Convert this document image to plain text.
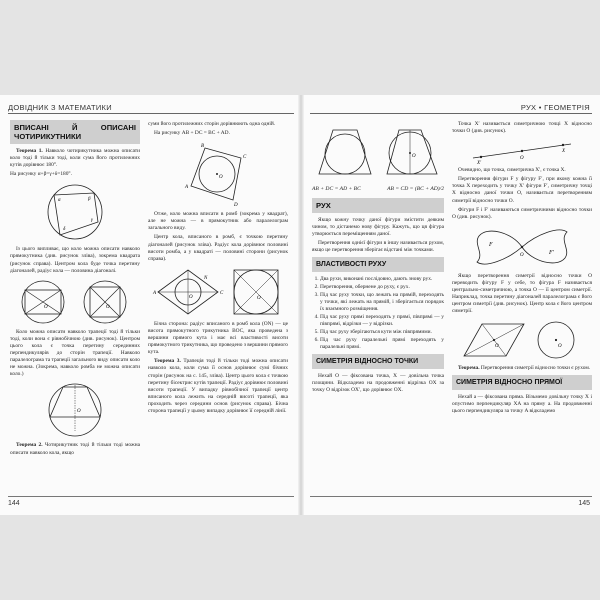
ДОВІДНИК З МАТЕМАТИКИ	РУХ • ГЕОМЕТРІЯ
ВПИСАНІ Й ОПИСАНІ ЧОТИРИКУТНИКИ

Теорема 1. Навколо чотирикутника можна описати коло тоді й тільки тоді, коли сума його протилежних кутів дорівнює 180°.

На рисунку α+β=γ+δ=180°.

α	β
γ
δ

Із цього випливає, що коло можна описати навколо прямокутника (див. рисунок зліва), зокрема квадрата (рисунок справа). Центром кола буде точка перетину діагоналей, радіус кола — половина діагоналі.

O	O

Коло можна описати навколо трапеції тоді й тільки тоді, коли вона є рівнобічною (див. рисунок). Центром цього кола є точка перетину серединних перпендикулярів до сторін трапеції. Навколо паралелограма та трапеції загального виду описати коло не можна. (Зокрема, навколо ромба не можна описати коло.)

O

Теорема 2. Чотирикутник тоді й тільки тоді можна описати навколо кола, якщо

суми його протилежних сторін дорівнюють одна одній.

На рисунку AB + DC = BC + AD.

O
B
C
D
A

Отже, коло можна вписати в ромб (зокрема у квадрат), але не можна — в прямокутник або паралелограм загального виду.

Центр кола, вписаного в ромб, є точкою перетину діагоналей (рисунок зліва). Радіус кола дорівнює половині висоти ромба, а у квадраті — половині сторони (рисунок справа).

O
A	C
N
O

Бічна сторона: радіус вписаного в ромб кола (ON) — це висота прямокутного трикутника BOC, яка проведена з вершини прямого кута і має всі властивості висоти прямокутного трикутника, що проведено з вершини прямого кута.

Теорема 3. Трапеція тоді й тільки тоді можна описати навколо кола, коли сума її основ дорівнює сумі бічних сторін (рисунок на с. 145, зліва). Центр цього кола є точкою перетину бісектрис кутів трапеції. Радіус дорівнює половині висоти трапеції. У випадку рівнобічної трапеції центр вписаного кола лежить на середній висоті трапеції, яка проходить через середини основ (рисунок справа). Бічна сторона трапеції у цьому випадку дорівнює її середній лінії.

O
AB + DC = AD + BC	AB = CD = (BC + AD)/2
РУХ

Якщо кожну точку даної фігури змістити деяким чином, то дістанемо нову фігуру. Кажуть, що ця фігура утворюється переміщенням даної.

Перетворення однієї фігури в іншу називається рухом, якщо це перетворення зберігає відстані між точками.

ВЛАСТИВОСТІ РУХУ
1. Два рухи, виконані послідовно, дають знову рух.
2. Перетворення, обернене до руху, є рух.
3. Під час руху точки, що лежать на прямій, переходять у точки, які лежать на прямій, і зберігається порядок їх взаємного розміщення.
4. Під час руху прямі переходять у прямі, півпрямі — у півпрямі, відрізки — у відрізки.
5. Під час руху зберігаються кути між півпрямими.
6. Під час руху паралельні прямі переходять у паралельні прямі.
СИМЕТРІЯ ВІДНОСНО ТОЧКИ

Нехай O — фіксована точка, X — довільна точка площини. Відкладемо на продовженні відрізка OX за точку O відрізок OX′, що дорівнює OX.

Точка X′ називається симетричною точці X відносно точки O (див. рисунок).

X′
O
X

Очевидно, що точка, симетрична X′, є точка X.

Перетворення фігури F у фігуру F′, при якому кожна її точка X переходить у точку X′ фігури F′, симетричну точці X відносно даної точки O, називається перетворенням симетрії відносно точки O.

Фігури F і F′ називаються симетричними відносно точки O (див. рисунок).

F
F′
O

Якщо перетворення симетрії відносно точки O переводить фігуру F у себе, то фігура F називається центрально-симетричною, а точка O — її центром симетрії. Наприклад, точка перетину діагоналей паралелограма є його центром симетрії (див. рисунок). Центр кола є його центром симетрії.

O	O

Теорема. Перетворення симетрії відносно точки є рухом.

СИМЕТРІЯ ВІДНОСНО ПРЯМОЇ

Нехай a — фіксована пряма. Візьмемо довільну точку X і опустимо перпендикуляр XA на пряму a. На продовженні цього перпендикуляра за точку A відкладемо

144	145
